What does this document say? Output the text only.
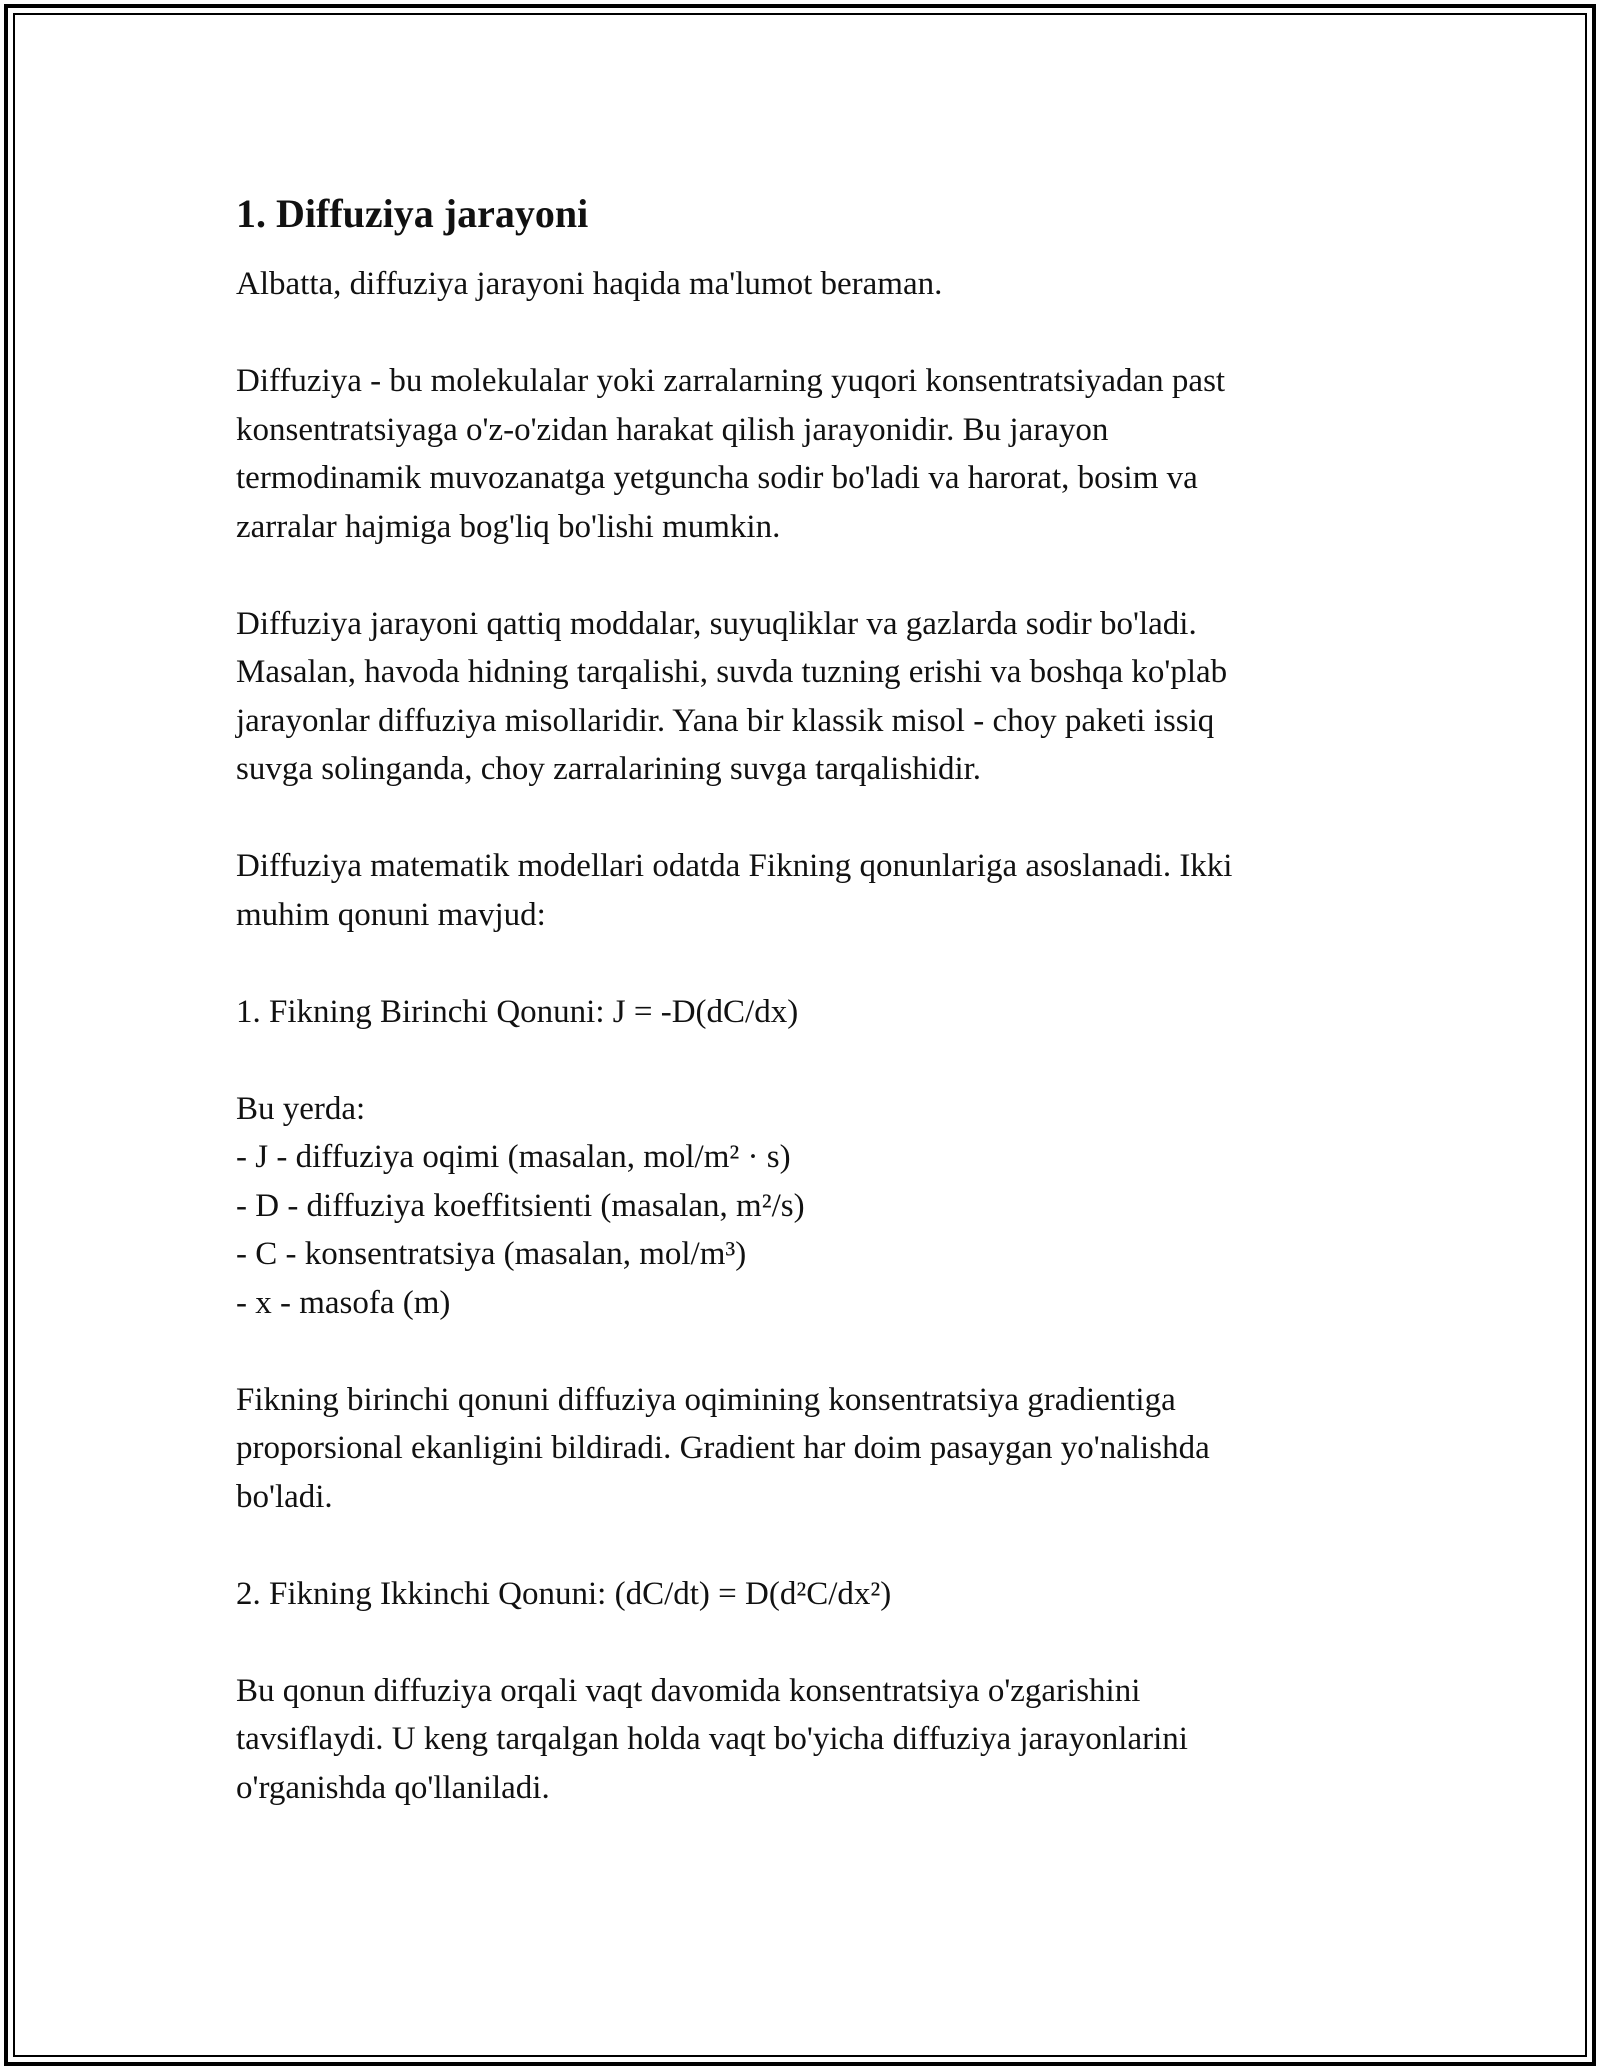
1. Diffuziya jarayoni

Albatta, diffuziya jarayoni haqida ma'lumot beraman.

Diffuziya - bu molekulalar yoki zarralarning yuqori konsentratsiyadan past
konsentratsiyaga o'z-o'zidan harakat qilish jarayonidir. Bu jarayon
termodinamik muvozanatga yetguncha sodir bo'ladi va harorat, bosim va
zarralar hajmiga bog'liq bo'lishi mumkin.

Diffuziya jarayoni qattiq moddalar, suyuqliklar va gazlarda sodir bo'ladi.
Masalan, havoda hidning tarqalishi, suvda tuzning erishi va boshqa ko'plab
jarayonlar diffuziya misollaridir. Yana bir klassik misol - choy paketi issiq
suvga solinganda, choy zarralarining suvga tarqalishidir.

Diffuziya matematik modellari odatda Fikning qonunlariga asoslanadi. Ikki
muhim qonuni mavjud:

1. Fikning Birinchi Qonuni: J = -D(dC/dx)

Bu yerda:

- J - diffuziya oqimi (masalan, mol/m² · s)

- D - diffuziya koeffitsienti (masalan, m²/s)

- C - konsentratsiya (masalan, mol/m³)

- x - masofa (m)

Fikning birinchi qonuni diffuziya oqimining konsentratsiya gradientiga
proporsional ekanligini bildiradi. Gradient har doim pasaygan yo'nalishda
bo'ladi.

2. Fikning Ikkinchi Qonuni: (dC/dt) = D(d²C/dx²)

Bu qonun diffuziya orqali vaqt davomida konsentratsiya o'zgarishini
tavsiflaydi. U keng tarqalgan holda vaqt bo'yicha diffuziya jarayonlarini
o'rganishda qo'llaniladi.
